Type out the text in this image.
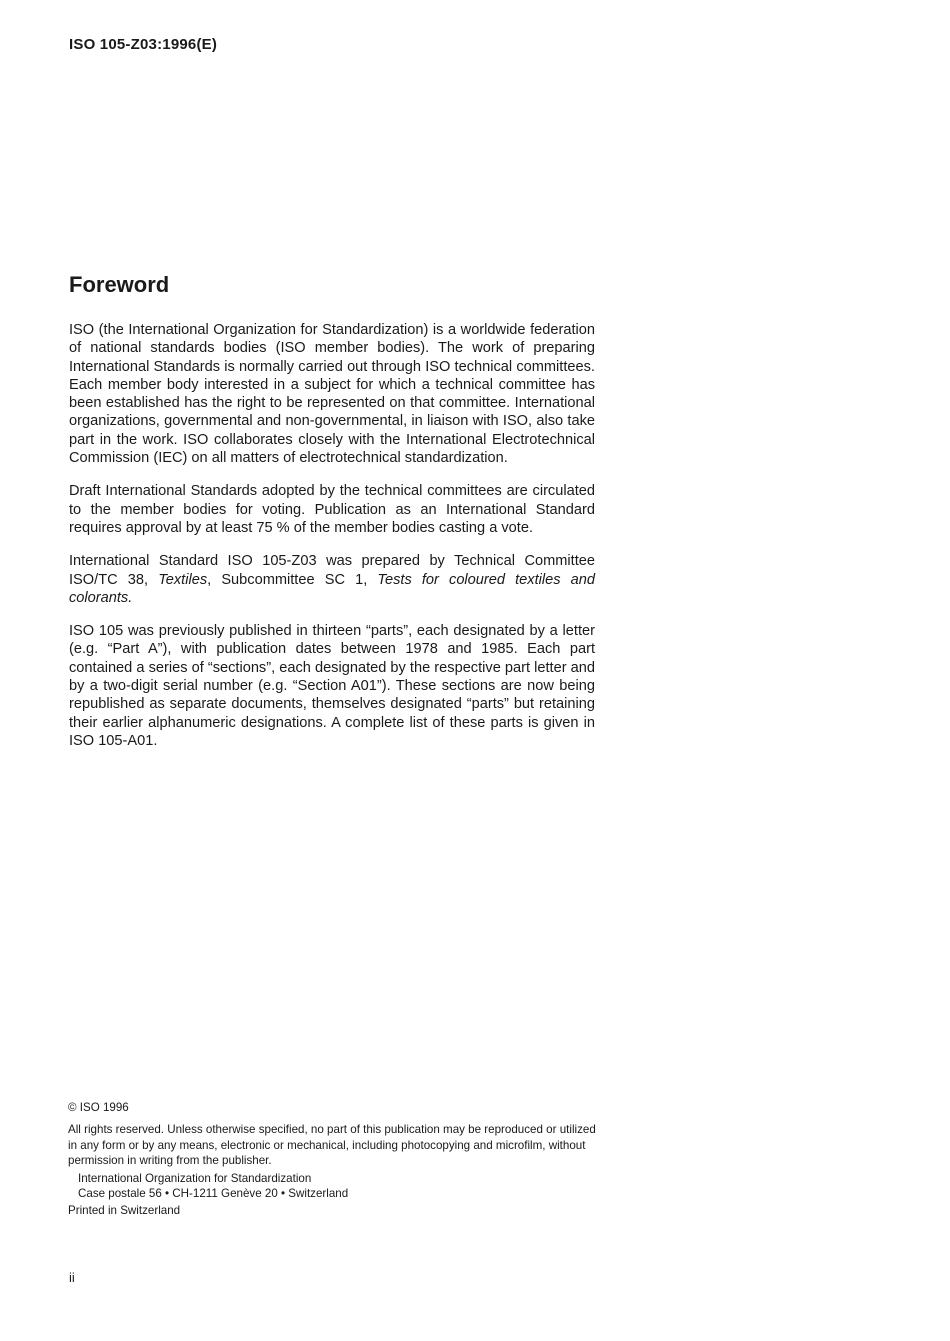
ISO 105-Z03:1996(E)

Foreword

ISO (the International Organization for Standardization) is a worldwide federation of national standards bodies (ISO member bodies). The work of preparing International Standards is normally carried out through ISO technical committees. Each member body interested in a subject for which a technical committee has been established has the right to be represented on that committee. International organizations, governmental and non-governmental, in liaison with ISO, also take part in the work. ISO collaborates closely with the International Electrotechnical Commission (IEC) on all matters of electrotechnical standardization.

Draft International Standards adopted by the technical committees are circulated to the member bodies for voting. Publication as an International Standard requires approval by at least 75 % of the member bodies casting a vote.

International Standard ISO 105-Z03 was prepared by Technical Committee ISO/TC 38, Textiles, Subcommittee SC 1, Tests for coloured textiles and colorants.

ISO 105 was previously published in thirteen “parts”, each designated by a letter (e.g. “Part A”), with publication dates between 1978 and 1985. Each part contained a series of “sections”, each designated by the respective part letter and by a two-digit serial number (e.g. “Section A01”). These sections are now being republished as separate documents, themselves designated “parts” but retaining their earlier alphanumeric designations. A complete list of these parts is given in ISO 105-A01.

© ISO 1996

All rights reserved. Unless otherwise specified, no part of this publication may be reproduced or utilized in any form or by any means, electronic or mechanical, including photocopying and microfilm, without permission in writing from the publisher.

International Organization for Standardization

Case postale 56 • CH-1211 Genève 20 • Switzerland

Printed in Switzerland

ii
